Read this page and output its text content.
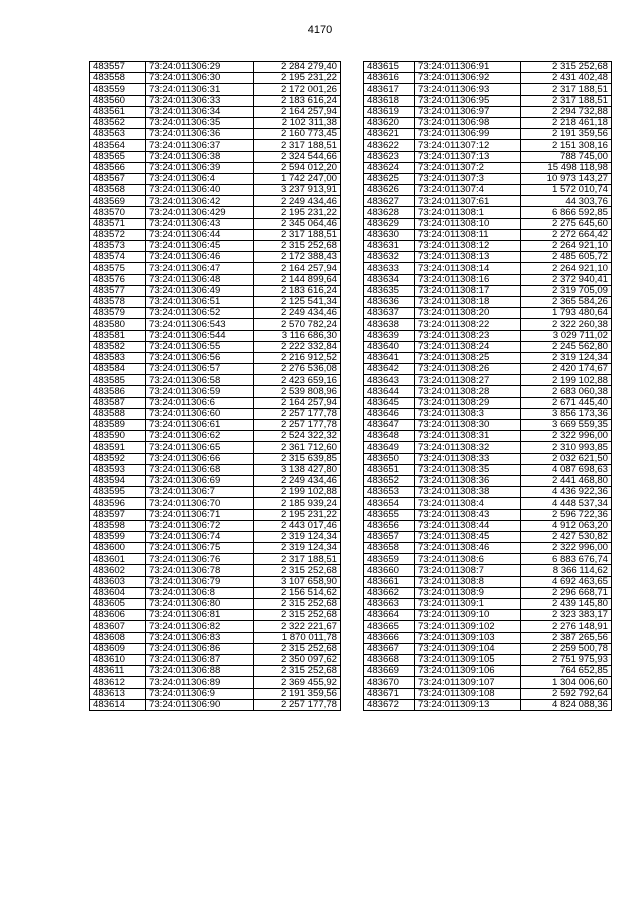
4170
483557	73:24:011306:29	2 284 279,40
483558	73:24:011306:30	2 195 231,22
483559	73:24:011306:31	2 172 001,26
483560	73:24:011306:33	2 183 616,24
483561	73:24:011306:34	2 164 257,94
483562	73:24:011306:35	2 102 311,38
483563	73:24:011306:36	2 160 773,45
483564	73:24:011306:37	2 317 188,51
483565	73:24:011306:38	2 324 544,66
483566	73:24:011306:39	2 594 012,20
483567	73:24:011306:4	1 742 247,00
483568	73:24:011306:40	3 237 913,91
483569	73:24:011306:42	2 249 434,46
483570	73:24:011306:429	2 195 231,22
483571	73:24:011306:43	2 345 064,46
483572	73:24:011306:44	2 317 188,51
483573	73:24:011306:45	2 315 252,68
483574	73:24:011306:46	2 172 388,43
483575	73:24:011306:47	2 164 257,94
483576	73:24:011306:48	2 144 899,64
483577	73:24:011306:49	2 183 616,24
483578	73:24:011306:51	2 125 541,34
483579	73:24:011306:52	2 249 434,46
483580	73:24:011306:543	2 570 782,24
483581	73:24:011306:544	3 116 686,30
483582	73:24:011306:55	2 222 332,84
483583	73:24:011306:56	2 216 912,52
483584	73:24:011306:57	2 276 536,08
483585	73:24:011306:58	2 423 659,16
483586	73:24:011306:59	2 539 808,96
483587	73:24:011306:6	2 164 257,94
483588	73:24:011306:60	2 257 177,78
483589	73:24:011306:61	2 257 177,78
483590	73:24:011306:62	2 524 322,32
483591	73:24:011306:65	2 361 712,60
483592	73:24:011306:66	2 315 639,85
483593	73:24:011306:68	3 138 427,80
483594	73:24:011306:69	2 249 434,46
483595	73:24:011306:7	2 199 102,88
483596	73:24:011306:70	2 185 939,24
483597	73:24:011306:71	2 195 231,22
483598	73:24:011306:72	2 443 017,46
483599	73:24:011306:74	2 319 124,34
483600	73:24:011306:75	2 319 124,34
483601	73:24:011306:76	2 317 188,51
483602	73:24:011306:78	2 315 252,68
483603	73:24:011306:79	3 107 658,90
483604	73:24:011306:8	2 156 514,62
483605	73:24:011306:80	2 315 252,68
483606	73:24:011306:81	2 315 252,68
483607	73:24:011306:82	2 322 221,67
483608	73:24:011306:83	1 870 011,78
483609	73:24:011306:86	2 315 252,68
483610	73:24:011306:87	2 350 097,62
483611	73:24:011306:88	2 315 252,68
483612	73:24:011306:89	2 369 455,92
483613	73:24:011306:9	2 191 359,56
483614	73:24:011306:90	2 257 177,78
483615	73:24:011306:91	2 315 252,68
483616	73:24:011306:92	2 431 402,48
483617	73:24:011306:93	2 317 188,51
483618	73:24:011306:95	2 317 188,51
483619	73:24:011306:97	2 294 732,88
483620	73:24:011306:98	2 218 461,18
483621	73:24:011306:99	2 191 359,56
483622	73:24:011307:12	2 151 308,16
483623	73:24:011307:13	788 745,00
483624	73:24:011307:2	15 498 118,98
483625	73:24:011307:3	10 973 143,27
483626	73:24:011307:4	1 572 010,74
483627	73:24:011307:61	44 303,76
483628	73:24:011308:1	6 866 592,85
483629	73:24:011308:10	2 275 645,60
483630	73:24:011308:11	2 272 664,42
483631	73:24:011308:12	2 264 921,10
483632	73:24:011308:13	2 485 605,72
483633	73:24:011308:14	2 264 921,10
483634	73:24:011308:16	2 372 940,41
483635	73:24:011308:17	2 319 705,09
483636	73:24:011308:18	2 365 584,26
483637	73:24:011308:20	1 793 480,64
483638	73:24:011308:22	2 322 260,38
483639	73:24:011308:23	3 029 711,02
483640	73:24:011308:24	2 245 562,80
483641	73:24:011308:25	2 319 124,34
483642	73:24:011308:26	2 420 174,67
483643	73:24:011308:27	2 199 102,88
483644	73:24:011308:28	2 683 060,38
483645	73:24:011308:29	2 671 445,40
483646	73:24:011308:3	3 856 173,36
483647	73:24:011308:30	3 669 559,35
483648	73:24:011308:31	2 322 996,00
483649	73:24:011308:32	2 310 993,85
483650	73:24:011308:33	2 032 621,50
483651	73:24:011308:35	4 087 698,63
483652	73:24:011308:36	2 441 468,80
483653	73:24:011308:38	4 436 922,36
483654	73:24:011308:4	4 448 537,34
483655	73:24:011308:43	2 596 722,36
483656	73:24:011308:44	4 912 063,20
483657	73:24:011308:45	2 427 530,82
483658	73:24:011308:46	2 322 996,00
483659	73:24:011308:6	6 883 676,74
483660	73:24:011308:7	8 366 114,62
483661	73:24:011308:8	4 692 463,65
483662	73:24:011308:9	2 296 668,71
483663	73:24:011309:1	2 439 145,80
483664	73:24:011309:10	2 323 383,17
483665	73:24:011309:102	2 276 148,91
483666	73:24:011309:103	2 387 265,56
483667	73:24:011309:104	2 259 500,78
483668	73:24:011309:105	2 751 975,93
483669	73:24:011309:106	764 652,85
483670	73:24:011309:107	1 304 006,60
483671	73:24:011309:108	2 592 792,64
483672	73:24:011309:13	4 824 088,36
